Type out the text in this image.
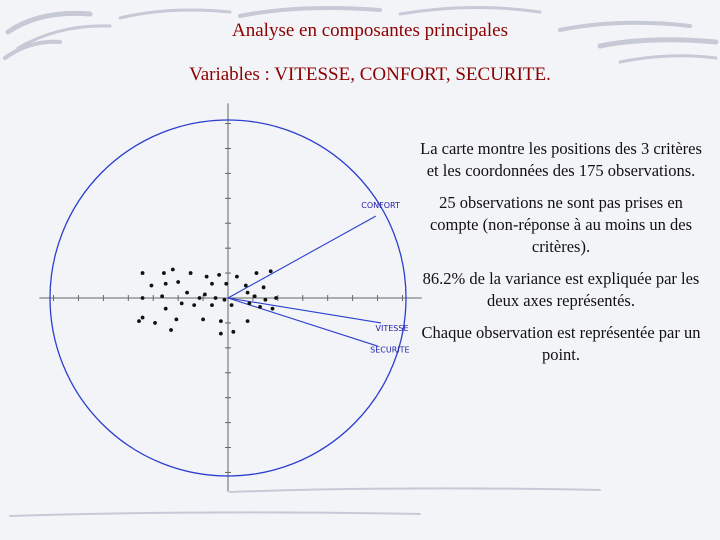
Analyse en composantes principales
Variables : VITESSE, CONFORT, SECURITE.
CONFORT
VITESSE
SECURITE

La carte montre les positions des 3 critères et les coordonnées des 175 observations.

25 observations ne sont pas prises en compte (non-réponse à au moins un des critères).

86.2% de la variance est expliquée par les deux axes représentés.

Chaque observation est représentée par un point.
